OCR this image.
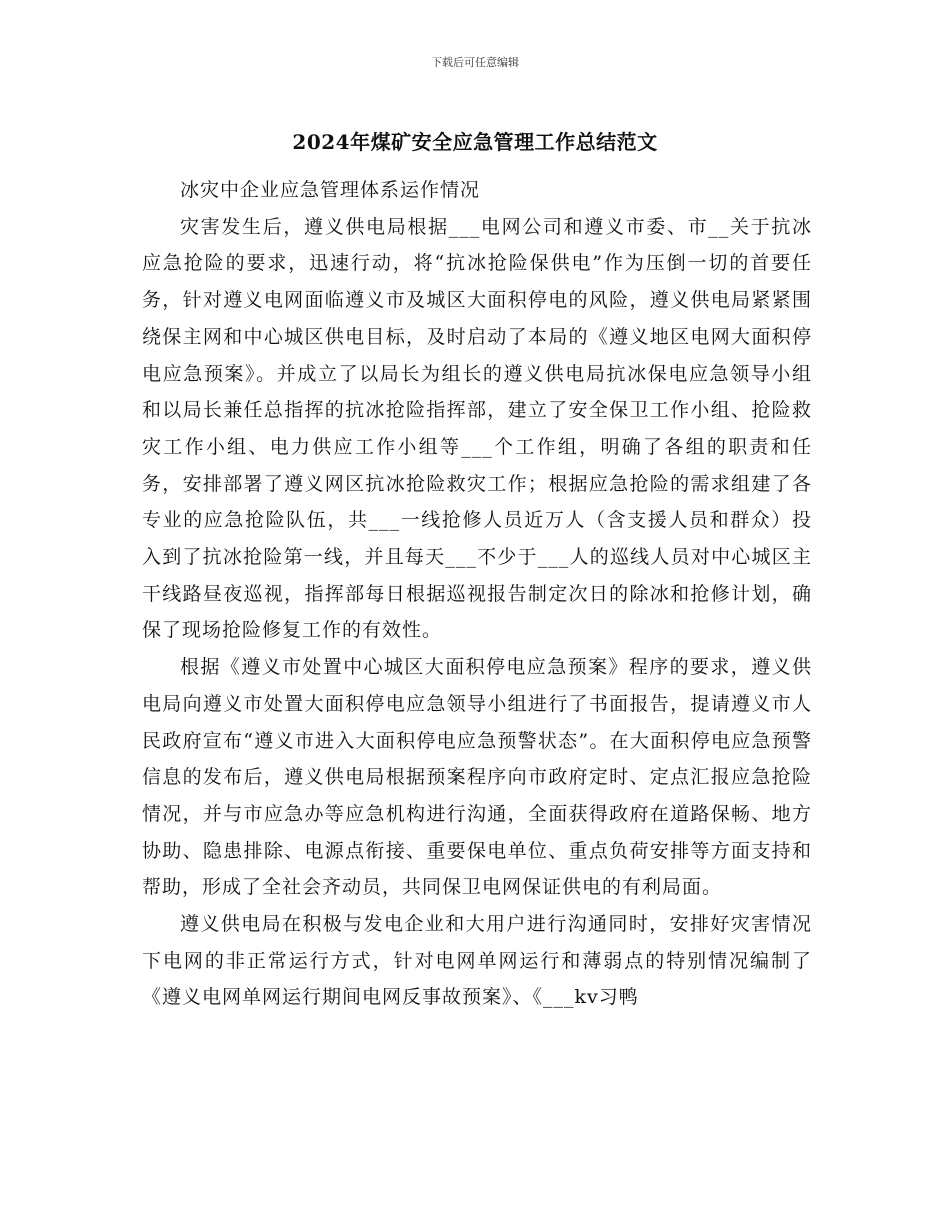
下载后可任意编辑
2024年煤矿安全应急管理工作总结范文

冰灾中企业应急管理体系运作情况

灾害发生后，遵义供电局根据___电网公司和遵义市委、市__关于抗冰应急抢险的要求，迅速行动，将“抗冰抢险保供电”作为压倒一切的首要任务，针对遵义电网面临遵义市及城区大面积停电的风险，遵义供电局紧紧围绕保主网和中心城区供电目标，及时启动了本局的《遵义地区电网大面积停电应急预案》。并成立了以局长为组长的遵义供电局抗冰保电应急领导小组和以局长兼任总指挥的抗冰抢险指挥部，建立了安全保卫工作小组、抢险救灾工作小组、电力供应工作小组等___个工作组，明确了各组的职责和任务，安排部署了遵义网区抗冰抢险救灾工作；根据应急抢险的需求组建了各专业的应急抢险队伍，共___一线抢修人员近万人（含支援人员和群众）投入到了抗冰抢险第一线，并且每天___不少于___人的巡线人员对中心城区主干线路昼夜巡视，指挥部每日根据巡视报告制定次日的除冰和抢修计划，确保了现场抢险修复工作的有效性。

根据《遵义市处置中心城区大面积停电应急预案》程序的要求，遵义供电局向遵义市处置大面积停电应急领导小组进行了书面报告，提请遵义市人民政府宣布“遵义市进入大面积停电应急预警状态”。在大面积停电应急预警信息的发布后，遵义供电局根据预案程序向市政府定时、定点汇报应急抢险情况，并与市应急办等应急机构进行沟通，全面获得政府在道路保畅、地方协助、隐患排除、电源点衔接、重要保电单位、重点负荷安排等方面支持和帮助，形成了全社会齐动员，共同保卫电网保证供电的有利局面。

遵义供电局在积极与发电企业和大用户进行沟通同时，安排好灾害情况下电网的非正常运行方式，针对电网单网运行和薄弱点的特别情况编制了《遵义电网单网运行期间电网反事故预案》、《___kv习鸭
